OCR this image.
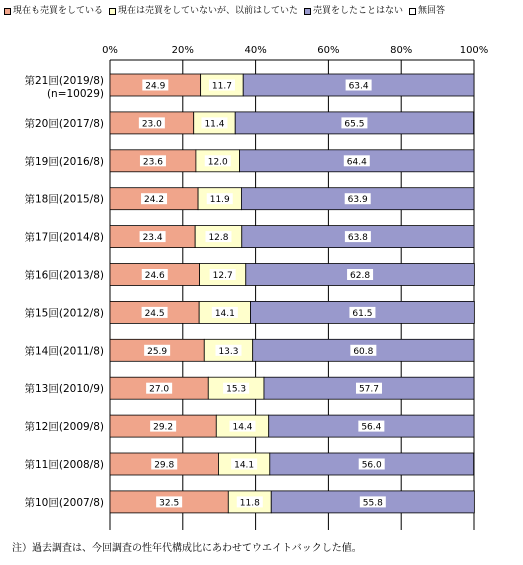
現在も売買をしている 現在は売買をしていないが、以前はしていた 売買をしたことはない 無回答
0%	20%	40%	60%	80%	100%
第21回(2019/8)
(n=10029)
24.9	11.7	63.4
第20回(2017/8)	23.0	11.4	65.5
第19回(2016/8)	23.6	12.0	64.4
第18回(2015/8)	24.2	11.9	63.9
第17回(2014/8)	23.4	12.8	63.8
第16回(2013/8)	24.6	12.7	62.8
第15回(2012/8)	24.5	14.1	61.5
第14回(2011/8)	25.9	13.3	60.8
第13回(2010/9)	27.0	15.3	57.7
第12回(2009/8)	29.2	14.4	56.4
第11回(2008/8)	29.8	14.1	56.0
第10回(2007/8)	32.5	11.8	55.8
注）過去調査は、今回調査の性年代構成比にあわせてウエイトバックした値。
